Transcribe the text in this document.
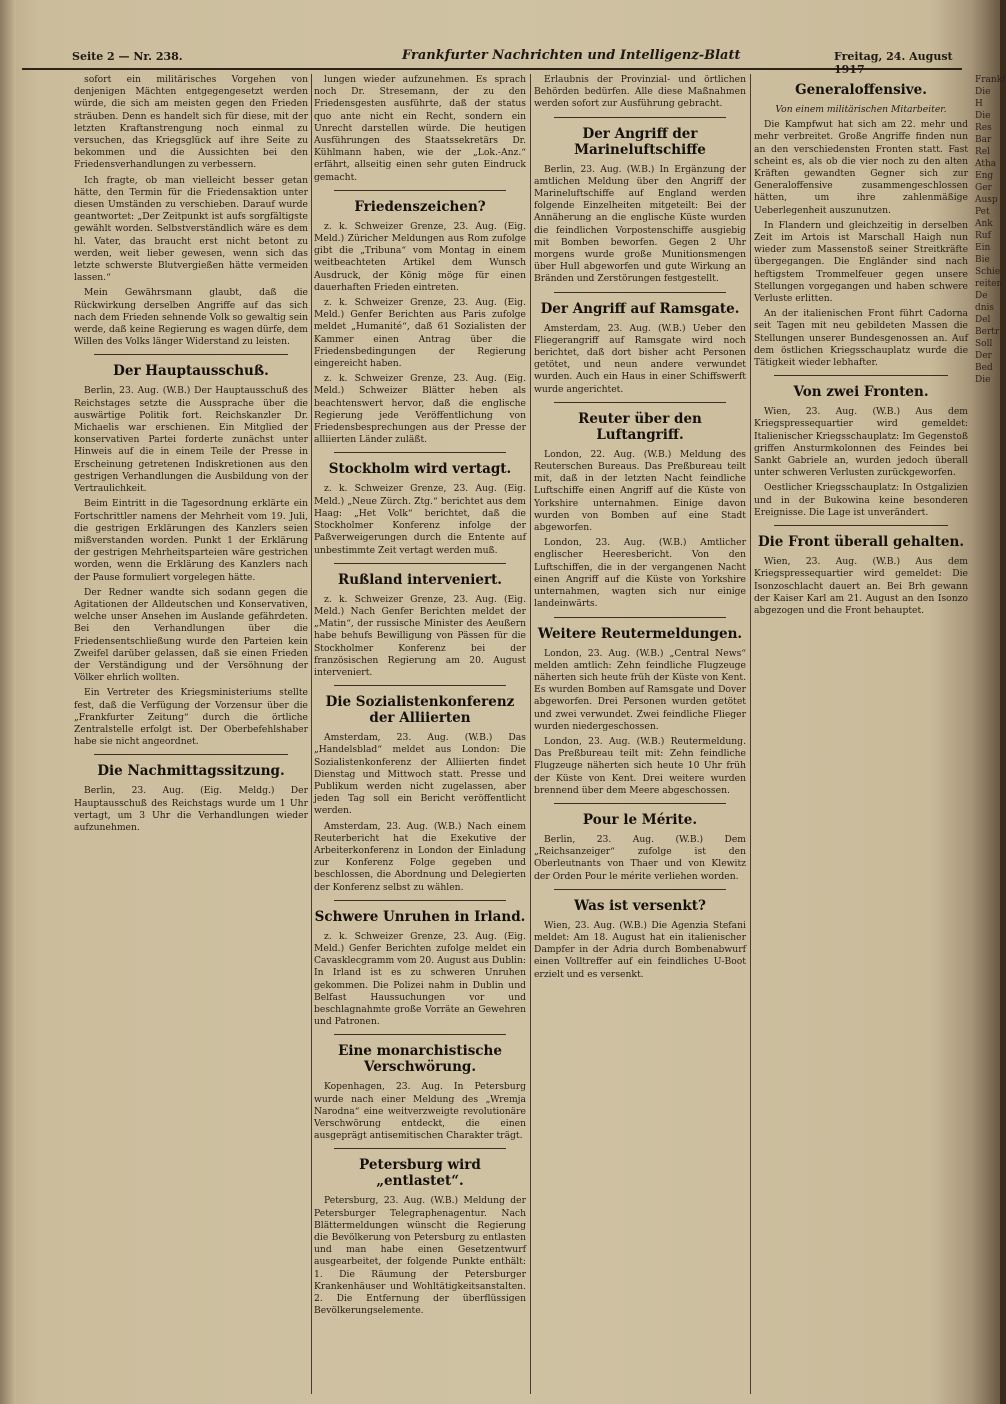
Seite 2 — Nr. 238.	Frankfurter Nachrichten und Intelligenz-Blatt	Freitag, 24. August 1917

sofort ein militärisches Vorgehen von denjenigen Mächten entgegengesetzt werden würde, die sich am meisten gegen den Frieden sträuben. Denn es handelt sich für diese, mit der letzten Kraftanstrengung noch einmal zu versuchen, das Kriegsglück auf ihre Seite zu bekommen und die Aussichten bei den Friedensverhandlungen zu verbessern.

Ich fragte, ob man vielleicht besser getan hätte, den Termin für die Friedensaktion unter diesen Umständen zu verschieben. Darauf wurde geantwortet: „Der Zeitpunkt ist aufs sorgfältigste gewählt worden. Selbstverständlich wäre es dem hl. Vater, das braucht erst nicht betont zu werden, weit lieber gewesen, wenn sich das letzte schwerste Blutvergießen hätte vermeiden lassen.“

Mein Gewährsmann glaubt, daß die Rückwirkung derselben Angriffe auf das sich nach dem Frieden sehnende Volk so gewaltig sein werde, daß keine Regierung es wagen dürfe, dem Willen des Volks länger Widerstand zu leisten.

Der Hauptausschuß.

Berlin, 23. Aug. (W.B.) Der Hauptausschuß des Reichstages setzte die Aussprache über die auswärtige Politik fort. Reichskanzler Dr. Michaelis war erschienen. Ein Mitglied der konservativen Partei forderte zunächst unter Hinweis auf die in einem Teile der Presse in Erscheinung getretenen Indiskretionen aus den gestrigen Verhandlungen die Ausbildung von der Vertraulichkeit.

Beim Eintritt in die Tagesordnung erklärte ein Fortschrittler namens der Mehrheit vom 19. Juli, die gestrigen Erklärungen des Kanzlers seien mißverstanden worden. Punkt 1 der Erklärung der gestrigen Mehrheitsparteien wäre gestrichen worden, wenn die Erklärung des Kanzlers nach der Pause formuliert vorgelegen hätte.

Der Redner wandte sich sodann gegen die Agitationen der Alldeutschen und Konservativen, welche unser Ansehen im Auslande gefährdeten. Bei den Verhandlungen über die Friedensentschließung wurde den Parteien kein Zweifel darüber gelassen, daß sie einen Frieden der Verständigung und der Versöhnung der Völker ehrlich wollten.

Ein Vertreter des Kriegsministeriums stellte fest, daß die Verfügung der Vorzensur über die „Frankfurter Zeitung“ durch die örtliche Zentralstelle erfolgt ist. Der Oberbefehlshaber habe sie nicht angeordnet.

Die Nachmittagssitzung.

Berlin, 23. Aug. (Eig. Meldg.) Der Hauptausschuß des Reichstags wurde um 1 Uhr vertagt, um 3 Uhr die Verhandlungen wieder aufzunehmen.

lungen wieder aufzunehmen. Es sprach noch Dr. Stresemann, der zu den Friedensgesten ausführte, daß der status quo ante nicht ein Recht, sondern ein Unrecht darstellen würde. Die heutigen Ausführungen des Staatssekretärs Dr. Kühlmann haben, wie der „Lok.-Anz.“ erfährt, allseitig einen sehr guten Eindruck gemacht.

Friedenszeichen?

z. k. Schweizer Grenze, 23. Aug. (Eig. Meld.) Züricher Meldungen aus Rom zufolge gibt die „Tribuna“ vom Montag in einem weitbeachteten Artikel dem Wunsch Ausdruck, der König möge für einen dauerhaften Frieden eintreten.

z. k. Schweizer Grenze, 23. Aug. (Eig. Meld.) Genfer Berichten aus Paris zufolge meldet „Humanité“, daß 61 Sozialisten der Kammer einen Antrag über die Friedensbedingungen der Regierung eingereicht haben.

z. k. Schweizer Grenze, 23. Aug. (Eig. Meld.) Schweizer Blätter heben als beachtenswert hervor, daß die englische Regierung jede Veröffentlichung von Friedensbesprechungen aus der Presse der alliierten Länder zuläßt.

Stockholm wird vertagt.

z. k. Schweizer Grenze, 23. Aug. (Eig. Meld.) „Neue Zürch. Ztg.“ berichtet aus dem Haag: „Het Volk“ berichtet, daß die Stockholmer Konferenz infolge der Paßverweigerungen durch die Entente auf unbestimmte Zeit vertagt werden muß.

Rußland interveniert.

z. k. Schweizer Grenze, 23. Aug. (Eig. Meld.) Nach Genfer Berichten meldet der „Matin“, der russische Minister des Aeußern habe behufs Bewilligung von Pässen für die Stockholmer Konferenz bei der französischen Regierung am 20. August interveniert.

Die Sozialistenkonferenz der Alliierten

Amsterdam, 23. Aug. (W.B.) Das „Handelsblad“ meldet aus London: Die Sozialistenkonferenz der Alliierten findet Dienstag und Mittwoch statt. Presse und Publikum werden nicht zugelassen, aber jeden Tag soll ein Bericht veröffentlicht werden.

Amsterdam, 23. Aug. (W.B.) Nach einem Reuterbericht hat die Exekutive der Arbeiterkonferenz in London der Einladung zur Konferenz Folge gegeben und beschlossen, die Abordnung und Delegierten der Konferenz selbst zu wählen.

Schwere Unruhen in Irland.

z. k. Schweizer Grenze, 23. Aug. (Eig. Meld.) Genfer Berichten zufolge meldet ein Cavasklecgramm vom 20. August aus Dublin: In Irland ist es zu schweren Unruhen gekommen. Die Polizei nahm in Dublin und Belfast Haussuchungen vor und beschlagnahmte große Vorräte an Gewehren und Patronen.

Eine monarchistische Verschwörung.

Kopenhagen, 23. Aug. In Petersburg wurde nach einer Meldung des „Wremja Narodna“ eine weitverzweigte revolutionäre Verschwörung entdeckt, die einen ausgeprägt antisemitischen Charakter trägt.

Petersburg wird „entlastet“.

Petersburg, 23. Aug. (W.B.) Meldung der Petersburger Telegraphenagentur. Nach Blättermeldungen wünscht die Regierung die Bevölkerung von Petersburg zu entlasten und man habe einen Gesetzentwurf ausgearbeitet, der folgende Punkte enthält: 1. Die Räumung der Petersburger Krankenhäuser und Wohltätigkeitsanstalten. 2. Die Entfernung der überflüssigen Bevölkerungselemente.

Erlaubnis der Provinzial- und örtlichen Behörden bedürfen. Alle diese Maßnahmen werden sofort zur Ausführung gebracht.

Der Angriff der Marineluftschiffe

Berlin, 23. Aug. (W.B.) In Ergänzung der amtlichen Meldung über den Angriff der Marineluftschiffe auf England werden folgende Einzelheiten mitgeteilt: Bei der Annäherung an die englische Küste wurden die feindlichen Vorpostenschiffe ausgiebig mit Bomben beworfen. Gegen 2 Uhr morgens wurde große Munitionsmengen über Hull abgeworfen und gute Wirkung an Bränden und Zerstörungen festgestellt.

Der Angriff auf Ramsgate.

Amsterdam, 23. Aug. (W.B.) Ueber den Fliegerangriff auf Ramsgate wird noch berichtet, daß dort bisher acht Personen getötet, und neun andere verwundet wurden. Auch ein Haus in einer Schiffswerft wurde angerichtet.

Reuter über den Luftangriff.

London, 22. Aug. (W.B.) Meldung des Reuterschen Bureaus. Das Preßbureau teilt mit, daß in der letzten Nacht feindliche Luftschiffe einen Angriff auf die Küste von Yorkshire unternahmen. Einige davon wurden von Bomben auf eine Stadt abgeworfen.

London, 23. Aug. (W.B.) Amtlicher englischer Heeresbericht. Von den Luftschiffen, die in der vergangenen Nacht einen Angriff auf die Küste von Yorkshire unternahmen, wagten sich nur einige landeinwärts.

Weitere Reutermeldungen.

London, 23. Aug. (W.B.) „Central News“ melden amtlich: Zehn feindliche Flugzeuge näherten sich heute früh der Küste von Kent. Es wurden Bomben auf Ramsgate und Dover abgeworfen. Drei Personen wurden getötet und zwei verwundet. Zwei feindliche Flieger wurden niedergeschossen.

London, 23. Aug. (W.B.) Reutermeldung. Das Preßbureau teilt mit: Zehn feindliche Flugzeuge näherten sich heute 10 Uhr früh der Küste von Kent. Drei weitere wurden brennend über dem Meere abgeschossen.

Pour le Mérite.

Berlin, 23. Aug. (W.B.) Dem „Reichsanzeiger“ zufolge ist den Oberleutnants von Thaer und von Klewitz der Orden Pour le mérite verliehen worden.

Was ist versenkt?

Wien, 23. Aug. (W.B.) Die Agenzia Stefani meldet: Am 18. August hat ein italienischer Dampfer in der Adria durch Bombenabwurf einen Volltreffer auf ein feindliches U-Boot erzielt und es versenkt.

Generaloffensive.

Von einem militärischen Mitarbeiter.

Die Kampfwut hat sich am 22. mehr und mehr verbreitet. Große Angriffe finden nun an den verschiedensten Fronten statt. Fast scheint es, als ob die vier noch zu den alten Kräften gewandten Gegner sich zur Generaloffensive zusammengeschlossen hätten, um ihre zahlenmäßige Ueberlegenheit auszunutzen.

In Flandern und gleichzeitig in derselben Zeit im Artois ist Marschall Haigh nun wieder zum Massenstoß seiner Streitkräfte übergegangen. Die Engländer sind nach heftigstem Trommelfeuer gegen unsere Stellungen vorgegangen und haben schwere Verluste erlitten.

An der italienischen Front führt Cadorna seit Tagen mit neu gebildeten Massen die Stellungen unserer Bundesgenossen an. Auf dem östlichen Kriegsschauplatz wurde die Tätigkeit wieder lebhafter.

Von zwei Fronten.

Wien, 23. Aug. (W.B.) Aus dem Kriegspressequartier wird gemeldet: Italienischer Kriegsschauplatz: Im Gegenstoß griffen Ansturmkolonnen des Feindes bei Sankt Gabriele an, wurden jedoch überall unter schweren Verlusten zurückgeworfen.

Oestlicher Kriegsschauplatz: In Ostgalizien und in der Bukowina keine besonderen Ereignisse. Die Lage ist unverändert.

Die Front überall gehalten.

Wien, 23. Aug. (W.B.) Aus dem Kriegspressequartier wird gemeldet: Die Isonzoschlacht dauert an. Bei Brh gewann der Kaiser Karl am 21. August an den Isonzo abgezogen und die Front behauptet.

Frankf Die H Die Res Bar Rel Atha Eng Ger Ausp Pet Ank Ruf Ein Bie Schie reiten De dnis Del Bertr Soll Der Bed Die
